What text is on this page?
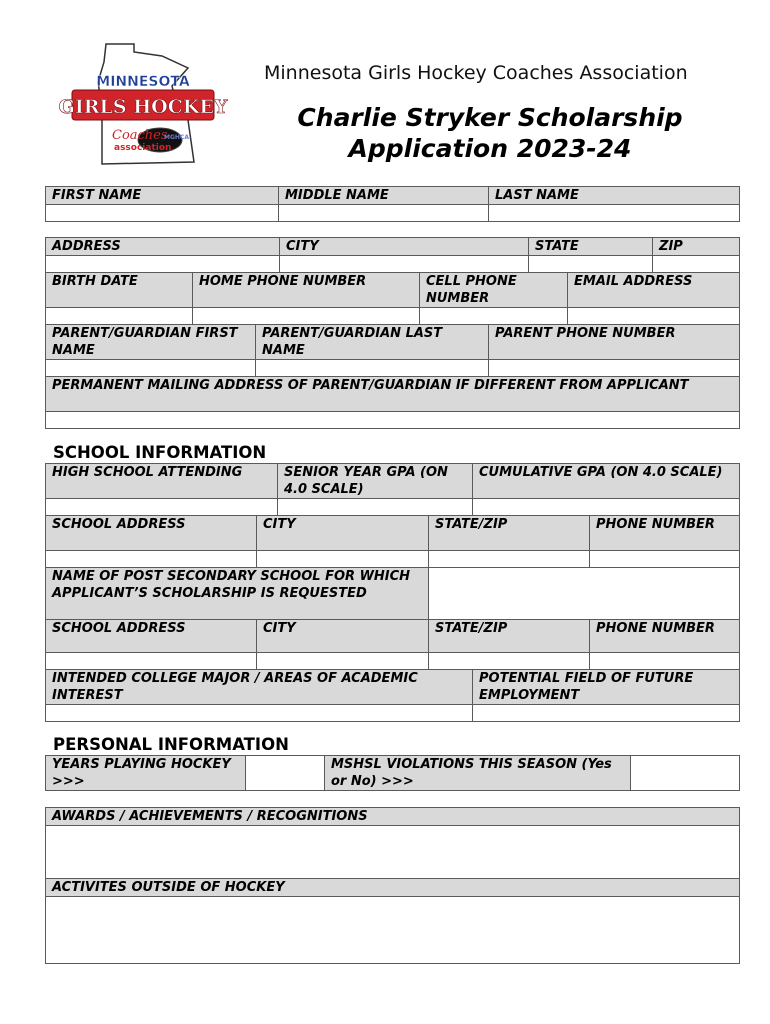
MINNESOTA
GIRLS HOCKEY
Coaches
MGHCA
association
Minnesota Girls Hockey Coaches Association
Charlie Stryker Scholarship
Application 2023-24
FIRST NAME	MIDDLE NAME	LAST NAME

ADDRESS			CITY			STATE		ZIP

BIRTH DATE	HOME PHONE NUMBER			CELL PHONE NUMBER			EMAIL ADDRESS	

PARENT/GUARDIAN FIRST NAME		PARENT/GUARDIAN LAST NAME			PARENT PHONE NUMBER			

PERMANENT MAILING ADDRESS OF PARENT/GUARDIAN IF DIFFERENT FROM APPLICANT								

SCHOOL INFORMATION
HIGH SCHOOL ATTENDING		SENIOR YEAR GPA (ON 4.0 SCALE)		CUMULATIVE GPA (ON 4.0 SCALE)	

SCHOOL ADDRESS	CITY		STATE/ZIP		PHONE NUMBER

NAME OF POST SECONDARY SCHOOL FOR WHICH APPLICANT’S SCHOLARSHIP IS REQUESTED					
SCHOOL ADDRESS	CITY		STATE/ZIP		PHONE NUMBER

INTENDED COLLEGE MAJOR / AREAS OF ACADEMIC INTEREST				POTENTIAL FIELD OF FUTURE EMPLOYMENT	

PERSONAL INFORMATION
YEARS PLAYING HOCKEY >>>		MSHSL VIOLATIONS THIS SEASON (Yes or No) >>>	
AWARDS / ACHIEVEMENTS / RECOGNITIONS

ACTIVITES OUTSIDE OF HOCKEY
